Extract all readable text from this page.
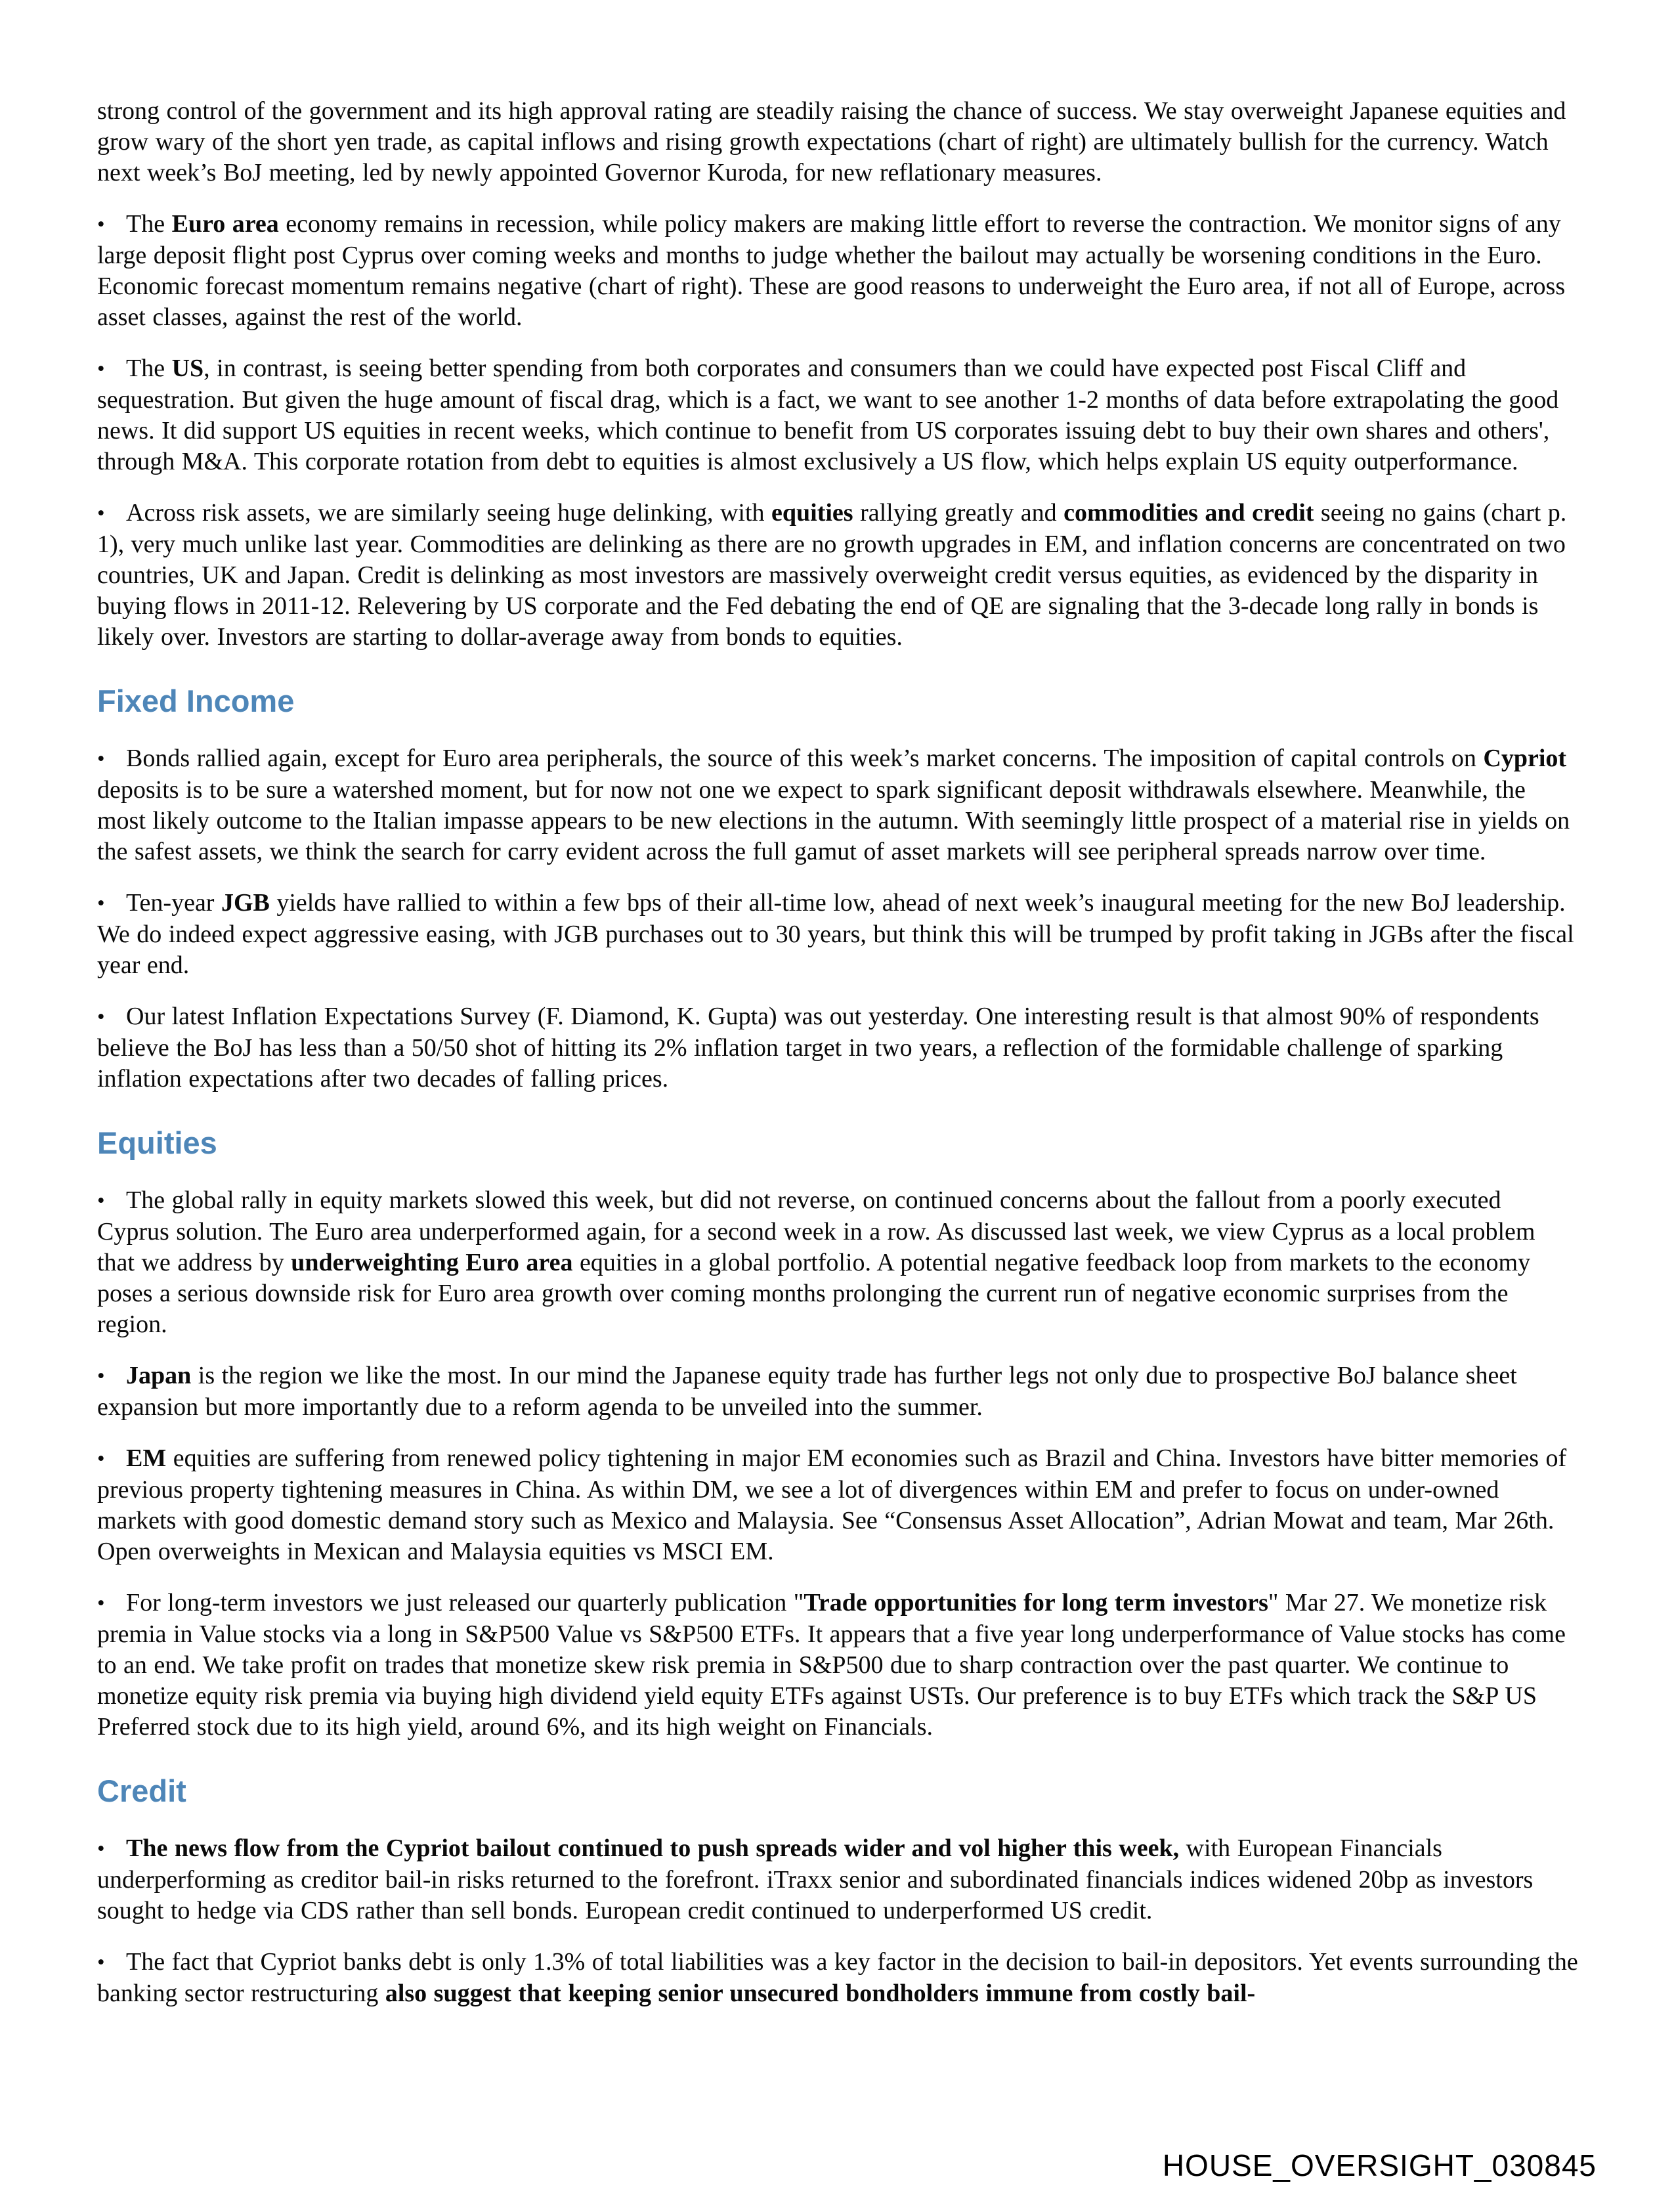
strong control of the government and its high approval rating are steadily raising the chance of success. We stay overweight Japanese equities and grow wary of the short yen trade, as capital inflows and rising growth expectations (chart of right) are ultimately bullish for the currency. Watch next week’s BoJ meeting, led by newly appointed Governor Kuroda, for new reflationary measures.

• The Euro area economy remains in recession, while policy makers are making little effort to reverse the contraction. We monitor signs of any large deposit flight post Cyprus over coming weeks and months to judge whether the bailout may actually be worsening conditions in the Euro. Economic forecast momentum remains negative (chart of right). These are good reasons to underweight the Euro area, if not all of Europe, across asset classes, against the rest of the world.

• The US, in contrast, is seeing better spending from both corporates and consumers than we could have expected post Fiscal Cliff and sequestration. But given the huge amount of fiscal drag, which is a fact, we want to see another 1-2 months of data before extrapolating the good news. It did support US equities in recent weeks, which continue to benefit from US corporates issuing debt to buy their own shares and others', through M&A. This corporate rotation from debt to equities is almost exclusively a US flow, which helps explain US equity outperformance.

• Across risk assets, we are similarly seeing huge delinking, with equities rallying greatly and commodities and credit seeing no gains (chart p. 1), very much unlike last year. Commodities are delinking as there are no growth upgrades in EM, and inflation concerns are concentrated on two countries, UK and Japan. Credit is delinking as most investors are massively overweight credit versus equities, as evidenced by the disparity in buying flows in 2011-12. Relevering by US corporate and the Fed debating the end of QE are signaling that the 3-decade long rally in bonds is likely over. Investors are starting to dollar-average away from bonds to equities.

Fixed Income

• Bonds rallied again, except for Euro area peripherals, the source of this week’s market concerns. The imposition of capital controls on Cypriot deposits is to be sure a watershed moment, but for now not one we expect to spark significant deposit withdrawals elsewhere. Meanwhile, the most likely outcome to the Italian impasse appears to be new elections in the autumn. With seemingly little prospect of a material rise in yields on the safest assets, we think the search for carry evident across the full gamut of asset markets will see peripheral spreads narrow over time.

• Ten-year JGB yields have rallied to within a few bps of their all-time low, ahead of next week’s inaugural meeting for the new BoJ leadership. We do indeed expect aggressive easing, with JGB purchases out to 30 years, but think this will be trumped by profit taking in JGBs after the fiscal year end.

• Our latest Inflation Expectations Survey (F. Diamond, K. Gupta) was out yesterday. One interesting result is that almost 90% of respondents believe the BoJ has less than a 50/50 shot of hitting its 2% inflation target in two years, a reflection of the formidable challenge of sparking inflation expectations after two decades of falling prices.

Equities

• The global rally in equity markets slowed this week, but did not reverse, on continued concerns about the fallout from a poorly executed Cyprus solution. The Euro area underperformed again, for a second week in a row. As discussed last week, we view Cyprus as a local problem that we address by underweighting Euro area equities in a global portfolio. A potential negative feedback loop from markets to the economy poses a serious downside risk for Euro area growth over coming months prolonging the current run of negative economic surprises from the region.

• Japan is the region we like the most. In our mind the Japanese equity trade has further legs not only due to prospective BoJ balance sheet expansion but more importantly due to a reform agenda to be unveiled into the summer.

• EM equities are suffering from renewed policy tightening in major EM economies such as Brazil and China. Investors have bitter memories of previous property tightening measures in China. As within DM, we see a lot of divergences within EM and prefer to focus on under-owned markets with good domestic demand story such as Mexico and Malaysia. See “Consensus Asset Allocation”, Adrian Mowat and team, Mar 26th. Open overweights in Mexican and Malaysia equities vs MSCI EM.

• For long-term investors we just released our quarterly publication "Trade opportunities for long term investors" Mar 27. We monetize risk premia in Value stocks via a long in S&P500 Value vs S&P500 ETFs. It appears that a five year long underperformance of Value stocks has come to an end. We take profit on trades that monetize skew risk premia in S&P500 due to sharp contraction over the past quarter. We continue to monetize equity risk premia via buying high dividend yield equity ETFs against USTs. Our preference is to buy ETFs which track the S&P US Preferred stock due to its high yield, around 6%, and its high weight on Financials.

Credit

• The news flow from the Cypriot bailout continued to push spreads wider and vol higher this week, with European Financials underperforming as creditor bail-in risks returned to the forefront. iTraxx senior and subordinated financials indices widened 20bp as investors sought to hedge via CDS rather than sell bonds. European credit continued to underperformed US credit.

• The fact that Cypriot banks debt is only 1.3% of total liabilities was a key factor in the decision to bail-in depositors. Yet events surrounding the banking sector restructuring also suggest that keeping senior unsecured bondholders immune from costly bail-

HOUSE_OVERSIGHT_030845
